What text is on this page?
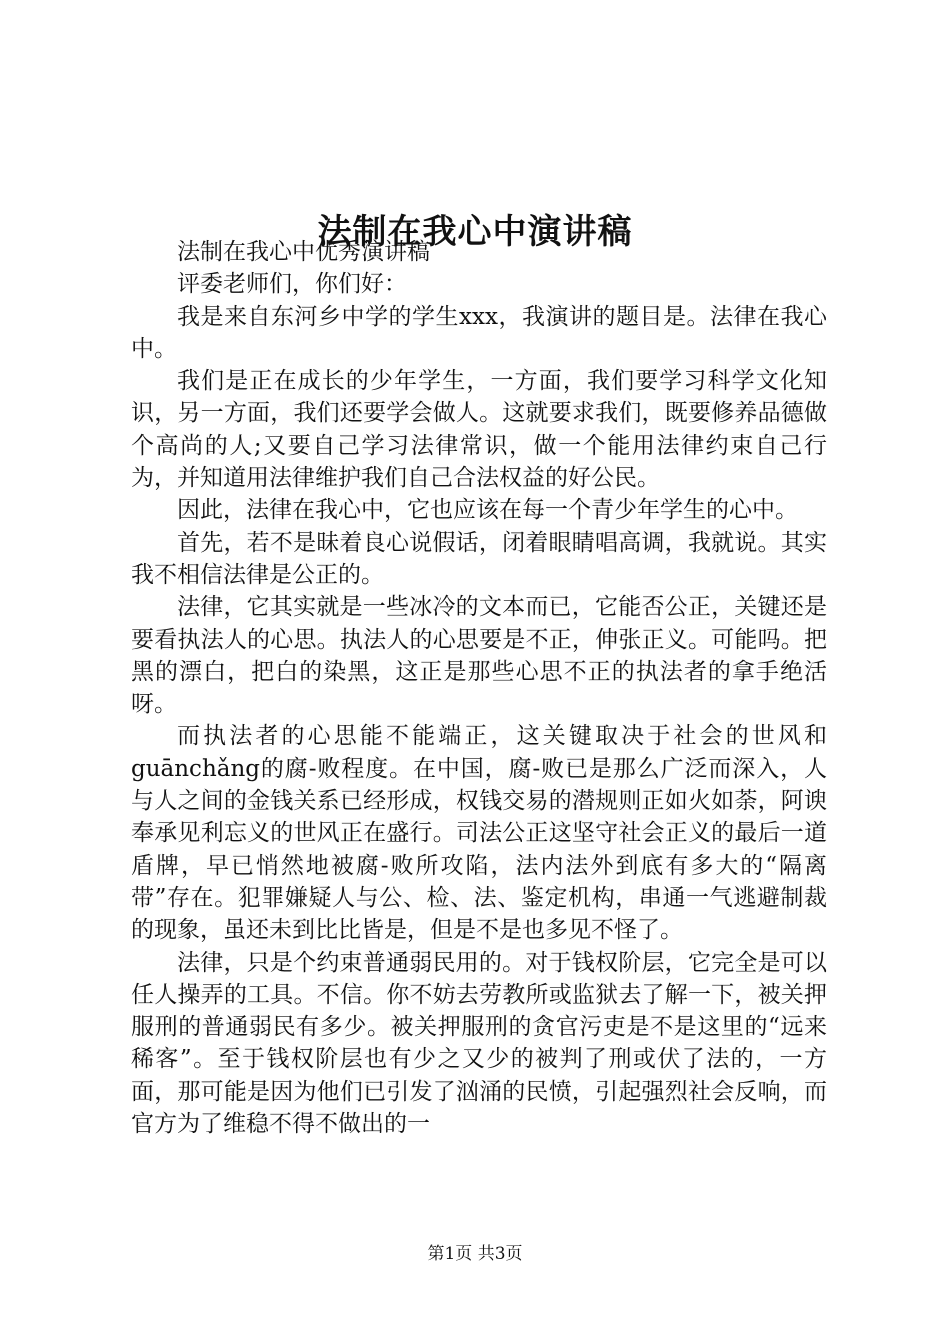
法制在我心中演讲稿

法制在我心中优秀演讲稿

评委老师们，你们好：

我是来自东河乡中学的学生xxx，我演讲的题目是。法律在我心中。

我们是正在成长的少年学生，一方面，我们要学习科学文化知识，另一方面，我们还要学会做人。这就要求我们，既要修养品德做个高尚的人;又要自己学习法律常识，做一个能用法律约束自己行为，并知道用法律维护我们自己合法权益的好公民。

因此，法律在我心中，它也应该在每一个青少年学生的心中。

首先，若不是昧着良心说假话，闭着眼睛唱高调，我就说。其实我不相信法律是公正的。

法律，它其实就是一些冰冷的文本而已，它能否公正，关键还是要看执法人的心思。执法人的心思要是不正，伸张正义。可能吗。把黑的漂白，把白的染黑，这正是那些心思不正的执法者的拿手绝活呀。

而执法者的心思能不能端正，这关键取决于社会的世风和guānchǎng的腐-败程度。在中国，腐-败已是那么广泛而深入，人与人之间的金钱关系已经形成，权钱交易的潜规则正如火如荼，阿谀奉承见利忘义的世风正在盛行。司法公正这坚守社会正义的最后一道盾牌，早已悄然地被腐-败所攻陷，法内法外到底有多大的“隔离带”存在。犯罪嫌疑人与公、检、法、鉴定机构，串通一气逃避制裁的现象，虽还未到比比皆是，但是不是也多见不怪了。

法律，只是个约束普通弱民用的。对于钱权阶层，它完全是可以任人操弄的工具。不信。你不妨去劳教所或监狱去了解一下，被关押服刑的普通弱民有多少。被关押服刑的贪官污吏是不是这里的“远来稀客”。至于钱权阶层也有少之又少的被判了刑或伏了法的，一方面，那可能是因为他们已引发了汹涌的民愤，引起强烈社会反响，而官方为了维稳不得不做出的一

第1页 共3页
